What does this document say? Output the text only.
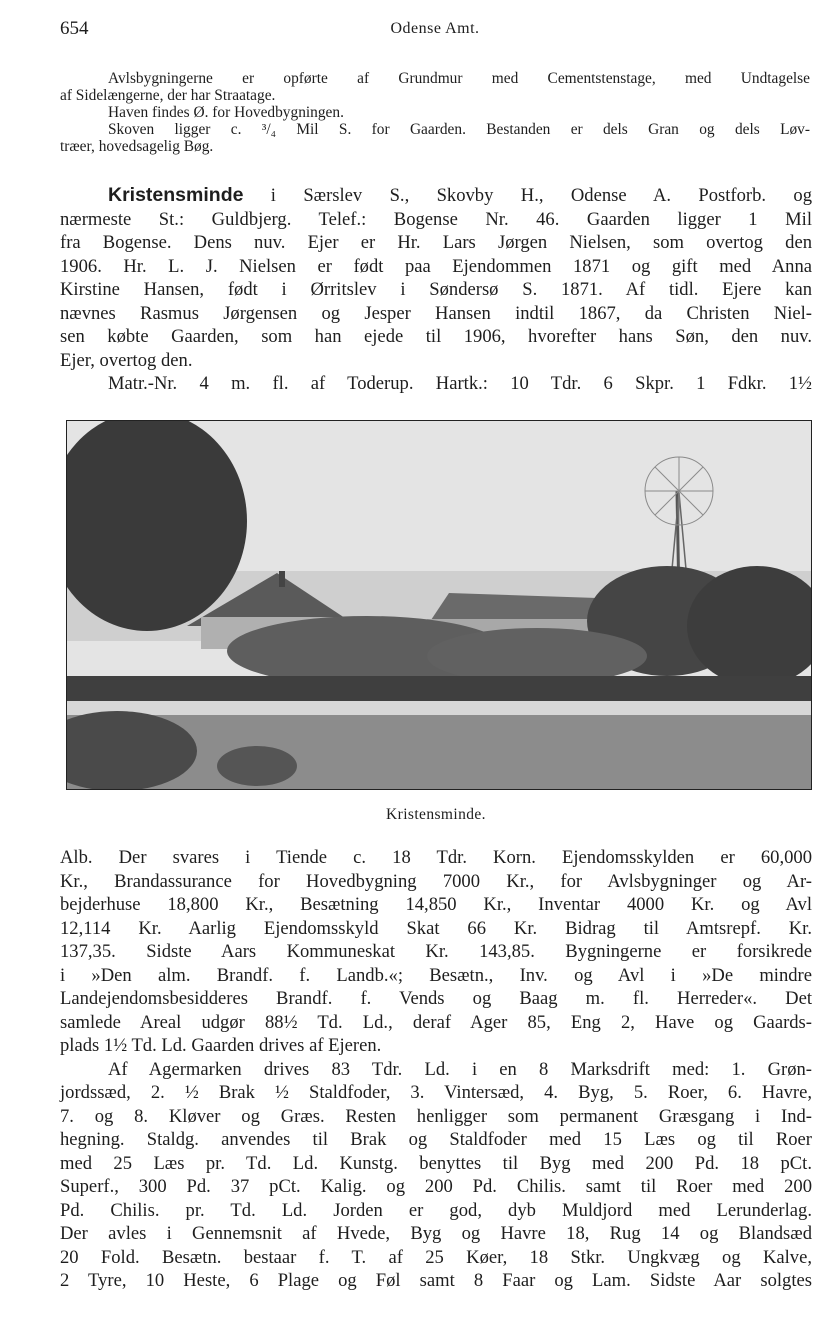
654	Odense Amt.

Avlsbygningerne er opførte af Grundmur med Cementstenstage, med Undtagelse

af Sidelængerne, der har Straatage.

Haven findes Ø. for Hovedbygningen.

Skoven ligger c. ³/₄ Mil S. for Gaarden. Bestanden er dels Gran og dels Løv-

træer, hovedsagelig Bøg.

Kristensminde i Særslev S., Skovby H., Odense A. Postforb. og

nærmeste St.: Guldbjerg. Telef.: Bogense Nr. 46. Gaarden ligger 1 Mil

fra Bogense. Dens nuv. Ejer er Hr. Lars Jørgen Nielsen, som overtog den

1906. Hr. L. J. Nielsen er født paa Ejendommen 1871 og gift med Anna

Kirstine Hansen, født i Ørritslev i Søndersø S. 1871. Af tidl. Ejere kan

nævnes Rasmus Jørgensen og Jesper Hansen indtil 1867, da Christen Niel-

sen købte Gaarden, som han ejede til 1906, hvorefter hans Søn, den nuv.

Ejer, overtog den.

Matr.-Nr. 4 m. fl. af Toderup. Hartk.: 10 Tdr. 6 Skpr. 1 Fdkr. 1½

Kristensminde.

Alb. Der svares i Tiende c. 18 Tdr. Korn. Ejendomsskylden er 60,000

Kr., Brandassurance for Hovedbygning 7000 Kr., for Avlsbygninger og Ar-

bejderhuse 18,800 Kr., Besætning 14,850 Kr., Inventar 4000 Kr. og Avl

12,114 Kr. Aarlig Ejendomsskyld Skat 66 Kr. Bidrag til Amtsrepf. Kr.

137,35. Sidste Aars Kommuneskat Kr. 143,85. Bygningerne er forsikrede

i »Den alm. Brandf. f. Landb.«; Besætn., Inv. og Avl i »De mindre

Landejendomsbesidderes Brandf. f. Vends og Baag m. fl. Herreder«. Det

samlede Areal udgør 88½ Td. Ld., deraf Ager 85, Eng 2, Have og Gaards-

plads 1½ Td. Ld. Gaarden drives af Ejeren.

Af Agermarken drives 83 Tdr. Ld. i en 8 Marksdrift med: 1. Grøn-

jordssæd, 2. ½ Brak ½ Staldfoder, 3. Vintersæd, 4. Byg, 5. Roer, 6. Havre,

7. og 8. Kløver og Græs. Resten henligger som permanent Græsgang i Ind-

hegning. Staldg. anvendes til Brak og Staldfoder med 15 Læs og til Roer

med 25 Læs pr. Td. Ld. Kunstg. benyttes til Byg med 200 Pd. 18 pCt.

Superf., 300 Pd. 37 pCt. Kalig. og 200 Pd. Chilis. samt til Roer med 200

Pd. Chilis. pr. Td. Ld. Jorden er god, dyb Muldjord med Lerunderlag.

Der avles i Gennemsnit af Hvede, Byg og Havre 18, Rug 14 og Blandsæd

20 Fold. Besætn. bestaar f. T. af 25 Køer, 18 Stkr. Ungkvæg og Kalve,

2 Tyre, 10 Heste, 6 Plage og Føl samt 8 Faar og Lam. Sidste Aar solgtes
